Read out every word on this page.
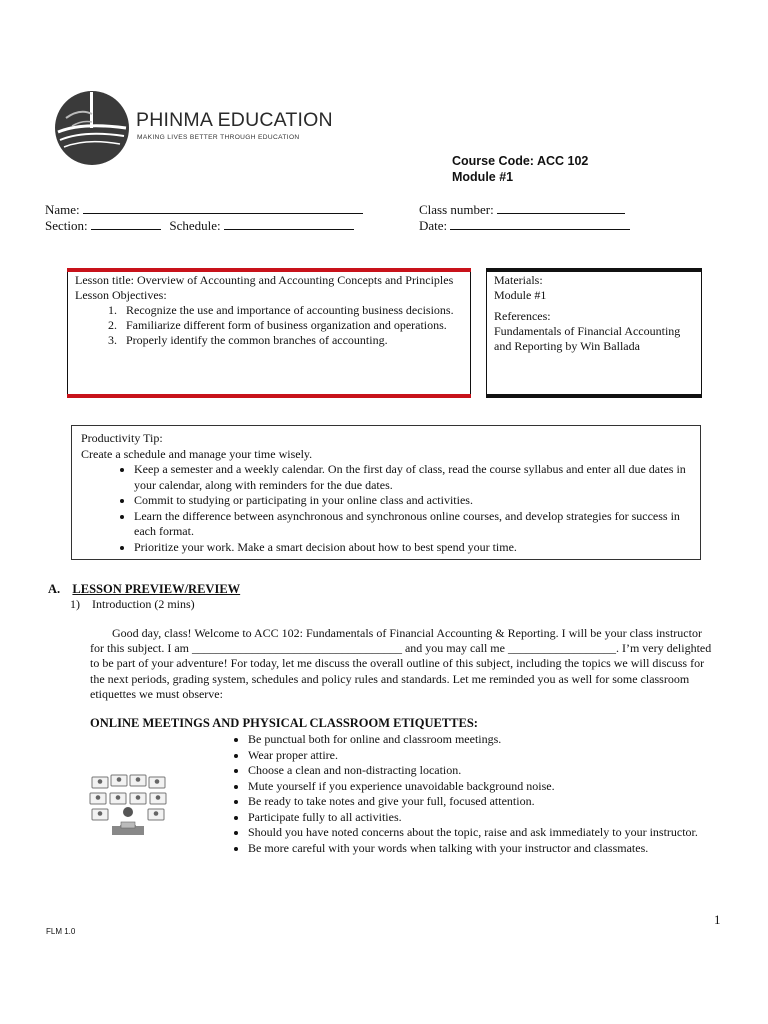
PHINMA EDUCATION
MAKING LIVES BETTER THROUGH EDUCATION
Course Code: ACC 102
Module #1
Name:	Class number:
Section:	Schedule:	Date:
Lesson title: Overview of Accounting and Accounting Concepts and Principles
Lesson Objectives:
1. Recognize the use and importance of accounting business decisions.
2. Familiarize different form of business organization and operations.
3. Properly identify the common branches of accounting.
Materials:
Module #1
References:
Fundamentals of Financial Accounting and Reporting by Win Ballada
Productivity Tip:
Create a schedule and manage your time wisely.
• Keep a semester and a weekly calendar. On the first day of class, read the course syllabus and enter all due dates in your calendar, along with reminders for the due dates.
• Commit to studying or participating in your online class and activities.
• Learn the difference between asynchronous and synchronous online courses, and develop strategies for success in each format.
• Prioritize your work. Make a smart decision about how to best spend your time.
A. LESSON PREVIEW/REVIEW
1) Introduction (2 mins)
Good day, class! Welcome to ACC 102: Fundamentals of Financial Accounting & Reporting. I will be your class instructor for this subject. I am ___________________________________ and you may call me __________________. I’m very delighted to be part of your adventure! For today, let me discuss the overall outline of this subject, including the topics we will discuss for the next periods, grading system, schedules and policy rules and standards. Let me reminded you as well for some classroom etiquettes we must observe:
ONLINE MEETINGS AND PHYSICAL CLASSROOM ETIQUETTES:
• Be punctual both for online and classroom meetings.
• Wear proper attire.
• Choose a clean and non-distracting location.
• Mute yourself if you experience unavoidable background noise.
• Be ready to take notes and give your full, focused attention.
• Participate fully to all activities.
• Should you have noted concerns about the topic, raise and ask immediately to your instructor.
• Be more careful with your words when talking with your instructor and classmates.
1
FLM 1.0
